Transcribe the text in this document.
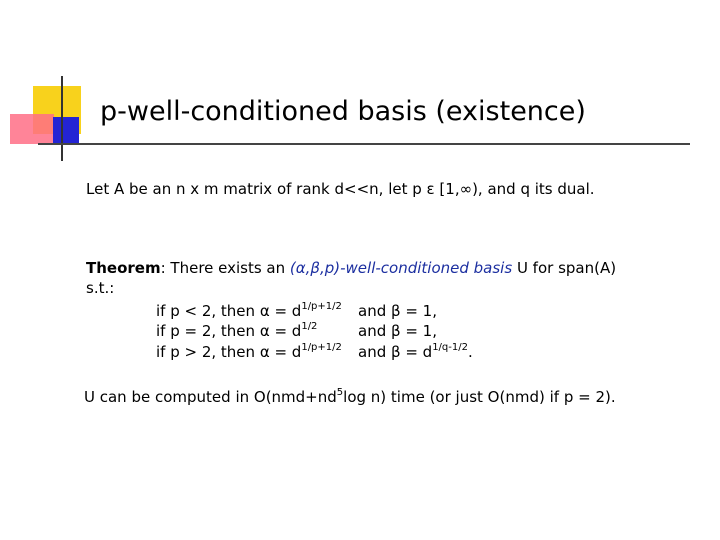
p-well-conditioned basis (existence)
Let A be an n x m matrix of rank d<<n, let p ε [1,∞), and q its dual.
Theorem: There exists an (α,β,p)-well-conditioned basis U for span(A)
s.t.:
if p < 2, then $\alpha = d^{1/p+1/2}$ and β = 1,
if p = 2, then $\alpha = d^{1/2}$	and β = 1,
if p > 2, then $\alpha = d^{1/p+1/2}$ and $\beta = d^{1/q-1/2}$.
U can be computed in $O(nmd+nd^5\log$ n) time (or just O(nmd) if p = 2).
